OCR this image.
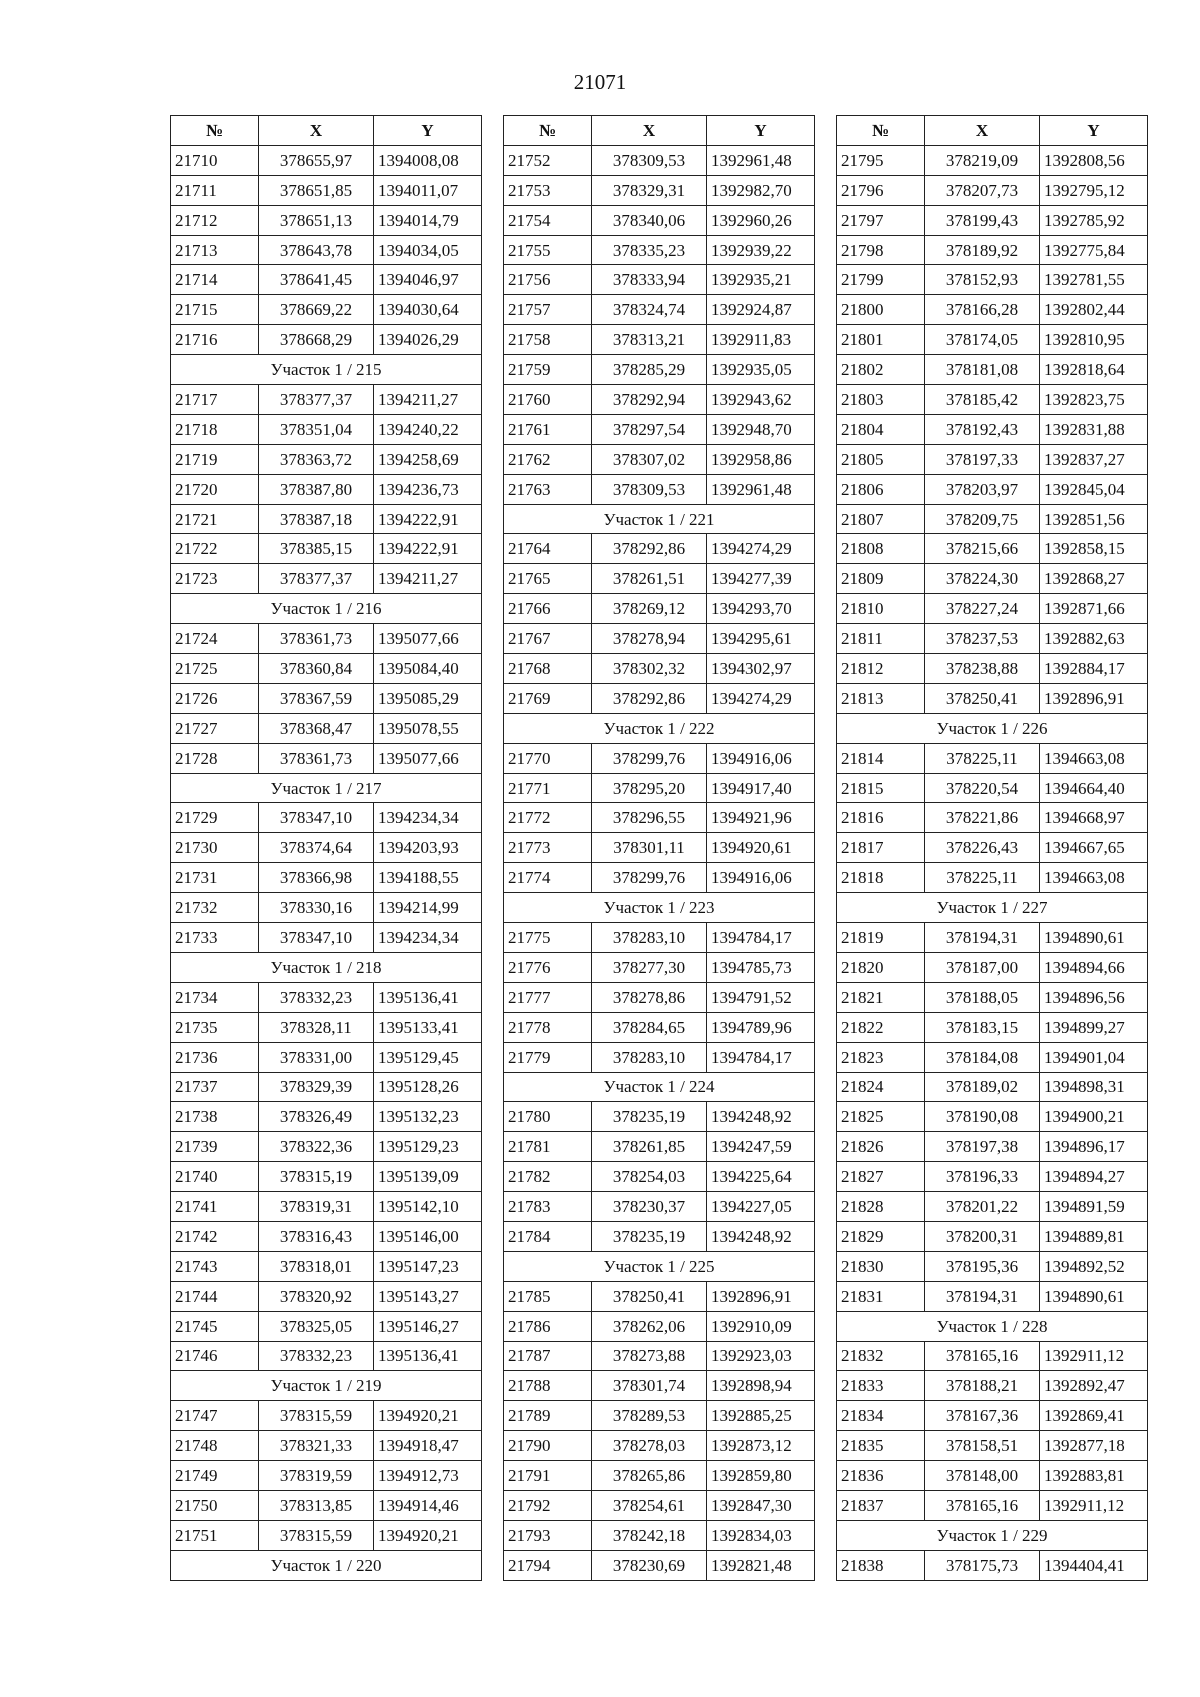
21071
№	X	Y
21710	378655,97	1394008,08
21711	378651,85	1394011,07
21712	378651,13	1394014,79
21713	378643,78	1394034,05
21714	378641,45	1394046,97
21715	378669,22	1394030,64
21716	378668,29	1394026,29
Участок 1 / 215		
21717	378377,37	1394211,27
21718	378351,04	1394240,22
21719	378363,72	1394258,69
21720	378387,80	1394236,73
21721	378387,18	1394222,91
21722	378385,15	1394222,91
21723	378377,37	1394211,27
Участок 1 / 216		
21724	378361,73	1395077,66
21725	378360,84	1395084,40
21726	378367,59	1395085,29
21727	378368,47	1395078,55
21728	378361,73	1395077,66
Участок 1 / 217		
21729	378347,10	1394234,34
21730	378374,64	1394203,93
21731	378366,98	1394188,55
21732	378330,16	1394214,99
21733	378347,10	1394234,34
Участок 1 / 218		
21734	378332,23	1395136,41
21735	378328,11	1395133,41
21736	378331,00	1395129,45
21737	378329,39	1395128,26
21738	378326,49	1395132,23
21739	378322,36	1395129,23
21740	378315,19	1395139,09
21741	378319,31	1395142,10
21742	378316,43	1395146,00
21743	378318,01	1395147,23
21744	378320,92	1395143,27
21745	378325,05	1395146,27
21746	378332,23	1395136,41
Участок 1 / 219		
21747	378315,59	1394920,21
21748	378321,33	1394918,47
21749	378319,59	1394912,73
21750	378313,85	1394914,46
21751	378315,59	1394920,21
Участок 1 / 220		
№	X	Y
21752	378309,53	1392961,48
21753	378329,31	1392982,70
21754	378340,06	1392960,26
21755	378335,23	1392939,22
21756	378333,94	1392935,21
21757	378324,74	1392924,87
21758	378313,21	1392911,83
21759	378285,29	1392935,05
21760	378292,94	1392943,62
21761	378297,54	1392948,70
21762	378307,02	1392958,86
21763	378309,53	1392961,48
Участок 1 / 221		
21764	378292,86	1394274,29
21765	378261,51	1394277,39
21766	378269,12	1394293,70
21767	378278,94	1394295,61
21768	378302,32	1394302,97
21769	378292,86	1394274,29
Участок 1 / 222		
21770	378299,76	1394916,06
21771	378295,20	1394917,40
21772	378296,55	1394921,96
21773	378301,11	1394920,61
21774	378299,76	1394916,06
Участок 1 / 223		
21775	378283,10	1394784,17
21776	378277,30	1394785,73
21777	378278,86	1394791,52
21778	378284,65	1394789,96
21779	378283,10	1394784,17
Участок 1 / 224		
21780	378235,19	1394248,92
21781	378261,85	1394247,59
21782	378254,03	1394225,64
21783	378230,37	1394227,05
21784	378235,19	1394248,92
Участок 1 / 225		
21785	378250,41	1392896,91
21786	378262,06	1392910,09
21787	378273,88	1392923,03
21788	378301,74	1392898,94
21789	378289,53	1392885,25
21790	378278,03	1392873,12
21791	378265,86	1392859,80
21792	378254,61	1392847,30
21793	378242,18	1392834,03
21794	378230,69	1392821,48
№	X	Y
21795	378219,09	1392808,56
21796	378207,73	1392795,12
21797	378199,43	1392785,92
21798	378189,92	1392775,84
21799	378152,93	1392781,55
21800	378166,28	1392802,44
21801	378174,05	1392810,95
21802	378181,08	1392818,64
21803	378185,42	1392823,75
21804	378192,43	1392831,88
21805	378197,33	1392837,27
21806	378203,97	1392845,04
21807	378209,75	1392851,56
21808	378215,66	1392858,15
21809	378224,30	1392868,27
21810	378227,24	1392871,66
21811	378237,53	1392882,63
21812	378238,88	1392884,17
21813	378250,41	1392896,91
Участок 1 / 226		
21814	378225,11	1394663,08
21815	378220,54	1394664,40
21816	378221,86	1394668,97
21817	378226,43	1394667,65
21818	378225,11	1394663,08
Участок 1 / 227		
21819	378194,31	1394890,61
21820	378187,00	1394894,66
21821	378188,05	1394896,56
21822	378183,15	1394899,27
21823	378184,08	1394901,04
21824	378189,02	1394898,31
21825	378190,08	1394900,21
21826	378197,38	1394896,17
21827	378196,33	1394894,27
21828	378201,22	1394891,59
21829	378200,31	1394889,81
21830	378195,36	1394892,52
21831	378194,31	1394890,61
Участок 1 / 228		
21832	378165,16	1392911,12
21833	378188,21	1392892,47
21834	378167,36	1392869,41
21835	378158,51	1392877,18
21836	378148,00	1392883,81
21837	378165,16	1392911,12
Участок 1 / 229		
21838	378175,73	1394404,41
